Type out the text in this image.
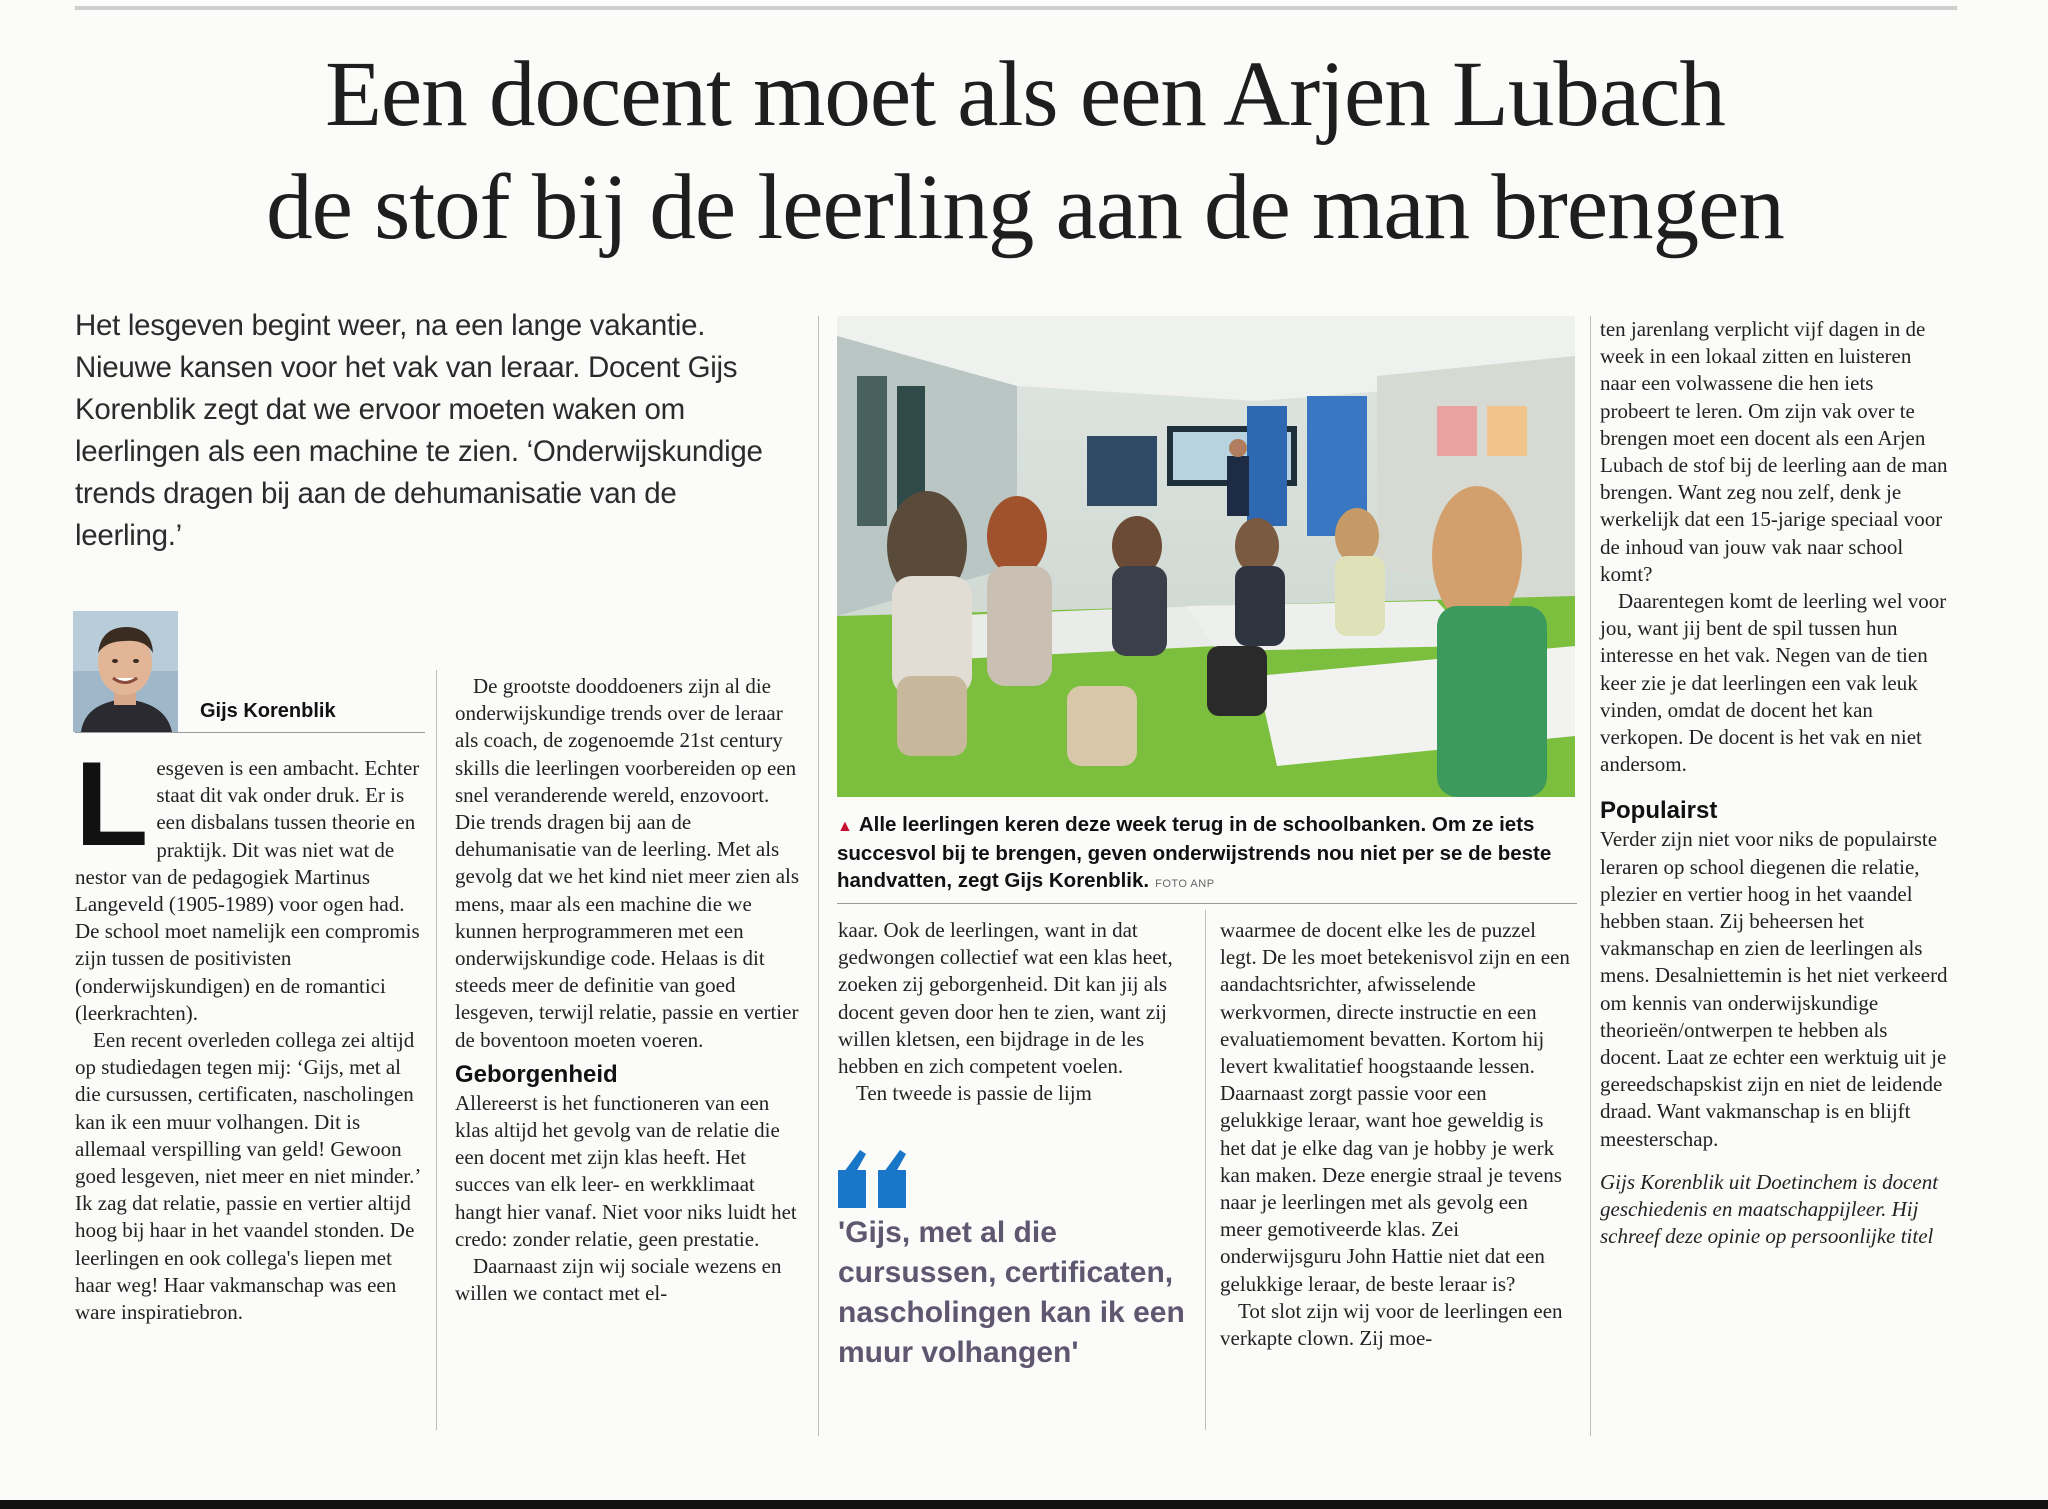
Een docent moet als een Arjen Lubach
de stof bij de leerling aan de man brengen

Het lesgeven begint weer, na een lange vakantie. Nieuwe kansen voor het vak van leraar. Docent Gijs Korenblik zegt dat we ervoor moeten waken om leerlingen als een machine te zien. ‘Onderwijskundige trends dragen bij aan de dehumanisatie van de leerling.’

Gijs Korenblik

Lesgeven is een ambacht. Echter staat dit vak onder druk. Er is een disbalans tussen theorie en praktijk. Dit was niet wat de nestor van de pedagogiek Martinus Langeveld (1905-1989) voor ogen had. De school moet namelijk een compromis zijn tussen de positivisten (onderwijskundigen) en de romantici (leerkrachten).

Een recent overleden collega zei altijd op studiedagen tegen mij: ‘Gijs, met al die cursussen, certificaten, nascholingen kan ik een muur volhangen. Dit is allemaal verspilling van geld! Gewoon goed lesgeven, niet meer en niet minder.’ Ik zag dat relatie, passie en vertier altijd hoog bij haar in het vaandel stonden. De leerlingen en ook collega's liepen met haar weg! Haar vakmanschap was een ware inspiratiebron.

De grootste dooddoeners zijn al die onderwijskundige trends over de leraar als coach, de zogenoemde 21st century skills die leerlingen voorbereiden op een snel veranderende wereld, enzovoort. Die trends dragen bij aan de dehumanisatie van de leerling. Met als gevolg dat we het kind niet meer zien als mens, maar als een machine die we kunnen herprogrammeren met een onderwijskundige code. Helaas is dit steeds meer de definitie van goed lesgeven, terwijl relatie, passie en vertier de boventoon moeten voeren.

Geborgenheid

Allereerst is het functioneren van een klas altijd het gevolg van de relatie die een docent met zijn klas heeft. Het succes van elk leer- en werkklimaat hangt hier vanaf. Niet voor niks luidt het credo: zonder relatie, geen prestatie.

Daarnaast zijn wij sociale wezens en willen we contact met el-

▲ Alle leerlingen keren deze week terug in de schoolbanken. Om ze iets succesvol bij te brengen, geven onderwijstrends nou niet per se de beste handvatten, zegt Gijs Korenblik. FOTO ANP

kaar. Ook de leerlingen, want in dat gedwongen collectief wat een klas heet, zoeken zij geborgenheid. Dit kan jij als docent geven door hen te zien, want zij willen kletsen, een bijdrage in de les hebben en zich competent voelen.

Ten tweede is passie de lijm

'Gijs, met al die cursussen, certificaten, nascholingen kan ik een muur volhangen'

waarmee de docent elke les de puzzel legt. De les moet betekenisvol zijn en een aandachtsrichter, afwisselende werkvormen, directe instructie en een evaluatiemoment bevatten. Kortom hij levert kwalitatief hoogstaande lessen. Daarnaast zorgt passie voor een gelukkige leraar, want hoe geweldig is het dat je elke dag van je hobby je werk kan maken. Deze energie straal je tevens naar je leerlingen met als gevolg een meer gemotiveerde klas. Zei onderwijsguru John Hattie niet dat een gelukkige leraar, de beste leraar is?

Tot slot zijn wij voor de leerlingen een verkapte clown. Zij moe-

ten jarenlang verplicht vijf dagen in de week in een lokaal zitten en luisteren naar een volwassene die hen iets probeert te leren. Om zijn vak over te brengen moet een docent als een Arjen Lubach de stof bij de leerling aan de man brengen. Want zeg nou zelf, denk je werkelijk dat een 15-jarige speciaal voor de inhoud van jouw vak naar school komt?

Daarentegen komt de leerling wel voor jou, want jij bent de spil tussen hun interesse en het vak. Negen van de tien keer zie je dat leerlingen een vak leuk vinden, omdat de docent het kan verkopen. De docent is het vak en niet andersom.

Populairst

Verder zijn niet voor niks de populairste leraren op school diegenen die relatie, plezier en vertier hoog in het vaandel hebben staan. Zij beheersen het vakmanschap en zien de leerlingen als mens. Desalniettemin is het niet verkeerd om kennis van onderwijskundige theorieën/ontwerpen te hebben als docent. Laat ze echter een werktuig uit je gereedschapskist zijn en niet de leidende draad. Want vakmanschap is en blijft meesterschap.

Gijs Korenblik uit Doetinchem is docent geschiedenis en maatschappijleer. Hij schreef deze opinie op persoonlijke titel
